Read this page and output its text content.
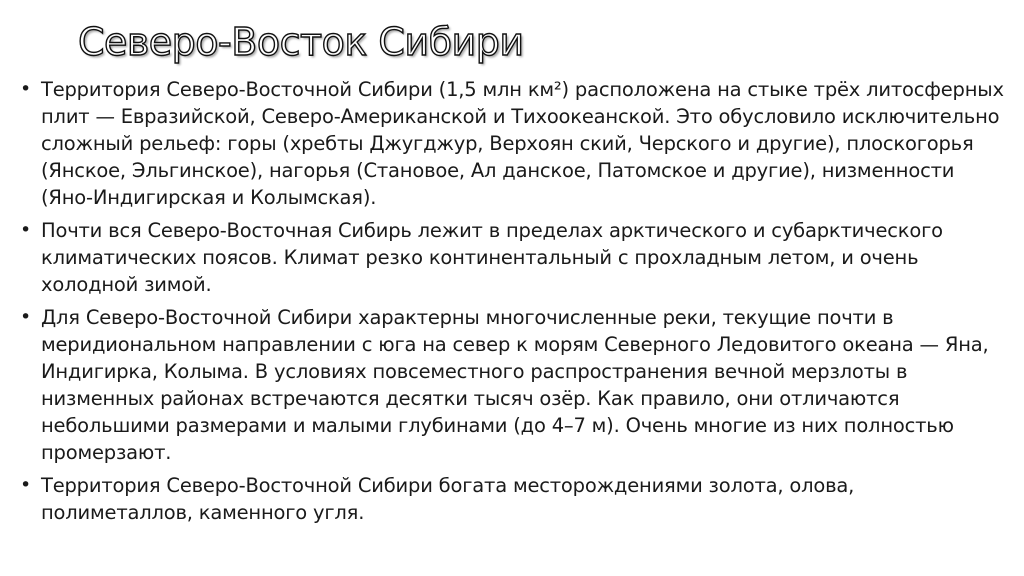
Северо-Восток Сибири
• Территория Северо-Восточной Сибири (1,5 млн км²) расположена на стыке трёх литосферных плит — Евразийской, Северо-Американской и Тихоокеанской. Это обусловило исключительно сложный рельеф: горы (хребты Джугджур, Верхоян ский, Черского и другие), плоскогорья (Янское, Эльгинское), нагорья (Становое, Ал данское, Патомское и другие), низменности (Яно-Индигирская и Колымская).
• Почти вся Северо-Восточная Сибирь лежит в пределах арктического и субарктического климатических поясов. Климат резко континентальный с прохладным летом, и очень холодной зимой.
• Для Северо-Восточной Сибири характерны многочисленные реки, текущие почти в меридиональном направлении с юга на север к морям Северного Ледовитого океана — Яна, Индигирка, Колыма. В условиях повсеместного распространения вечной мерзлоты в низменных районах встречаются десятки тысяч озёр. Как правило, они отличаются небольшими размерами и малыми глубинами (до 4–7 м). Очень многие из них полностью промерзают.
• Территория Северо-Восточной Сибири богата месторождениями золота, олова, полиметаллов, каменного угля.
